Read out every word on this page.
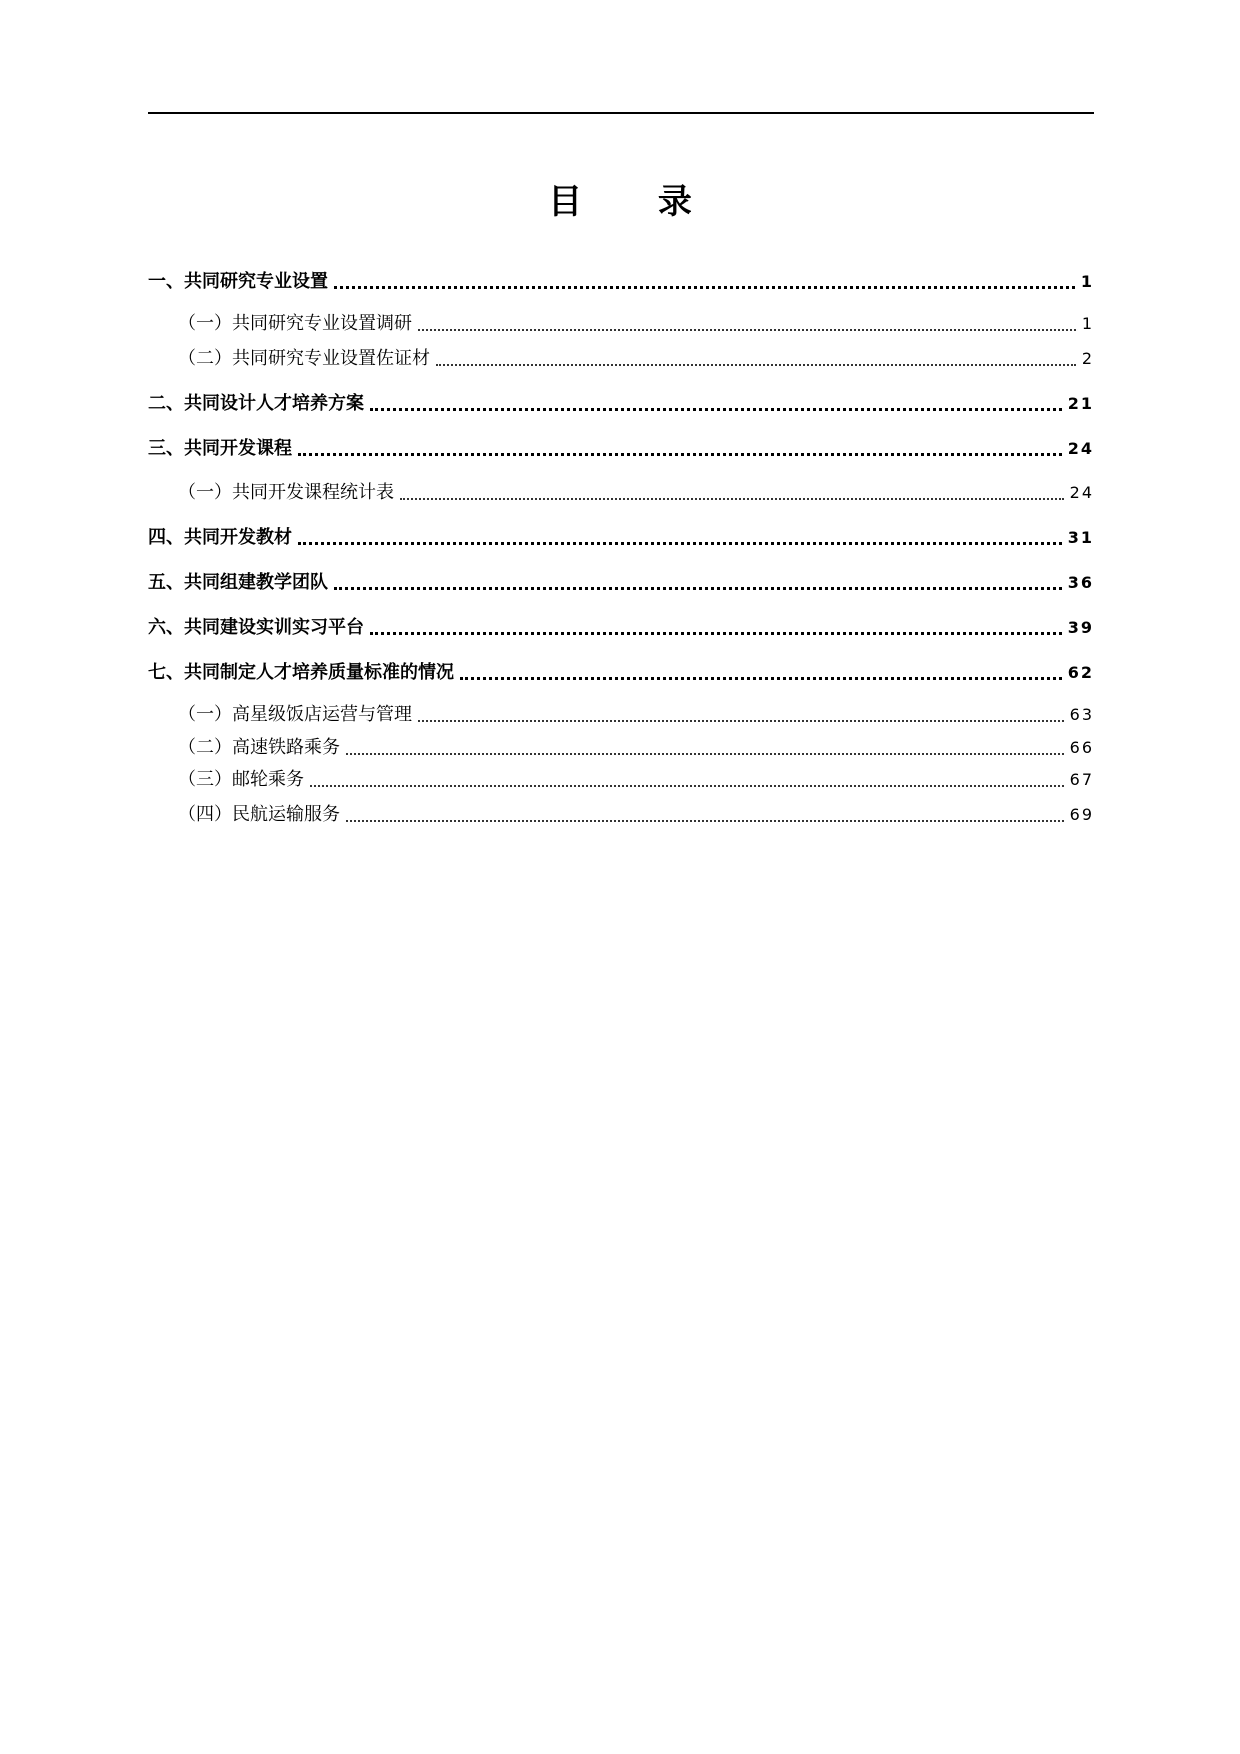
目 录
一、共同研究专业设置	1
（一）共同研究专业设置调研	1
（二）共同研究专业设置佐证材	2
二、共同设计人才培养方案	21
三、共同开发课程	24
（一）共同开发课程统计表	24
四、共同开发教材	31
五、共同组建教学团队	36
六、共同建设实训实习平台	39
七、共同制定人才培养质量标准的情况	62
（一）高星级饭店运营与管理	63
（二）高速铁路乘务	66
（三）邮轮乘务	67
（四）民航运输服务	69
